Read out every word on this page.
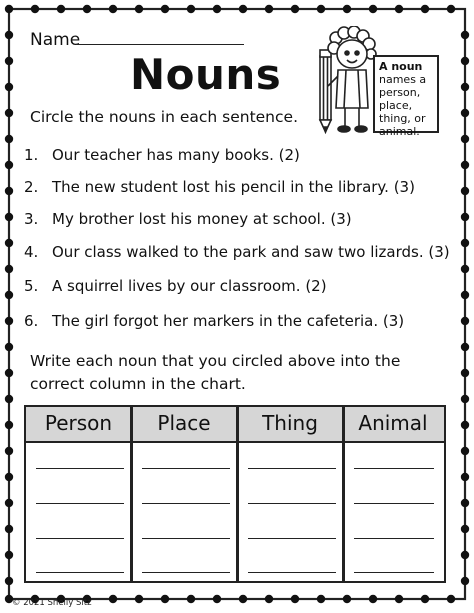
Name
Nouns	A noun names a person, place, thing, or animal.
Circle the nouns in each sentence.
1. Our teacher has many books. (2)
2. The new student lost his pencil in the library. (3)
3. My brother lost his money at school. (3)
4. Our class walked to the park and saw two lizards. (3)
5. A squirrel lives by our classroom. (2)
6. The girl forgot her markers in the cafeteria. (3)
Write each noun that you circled above into the correct column in the chart.
Person	Place	Thing	Animal
© 2021 Shelly Sitz
